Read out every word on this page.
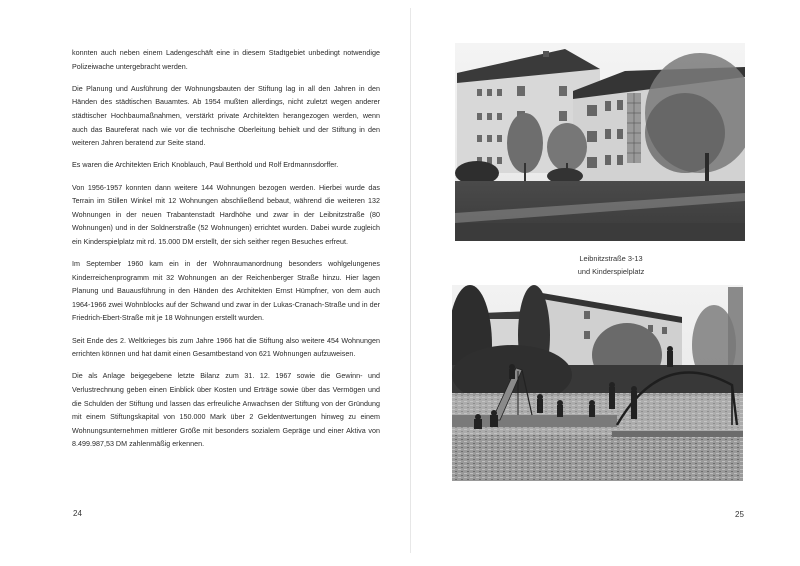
konnten auch neben einem Ladengeschäft eine in diesem Stadtgebiet unbedingt notwendige Polizeiwache untergebracht werden.

Die Planung und Ausführung der Wohnungsbauten der Stiftung lag in all den Jahren in den Händen des städtischen Bauamtes. Ab 1954 mußten allerdings, nicht zuletzt wegen anderer städtischer Hochbaumaßnahmen, verstärkt private Architekten herangezogen werden, wenn auch das Baureferat nach wie vor die technische Oberleitung behielt und der Stiftung in den weiteren Jahren beratend zur Seite stand.

Es waren die Architekten Erich Knoblauch, Paul Berthold und Rolf Erdmannsdorffer.

Von 1956-1957 konnten dann weitere 144 Wohnungen bezogen werden. Hierbei wurde das Terrain im Stillen Winkel mit 12 Wohnungen abschließend bebaut, während die weiteren 132 Wohnungen in der neuen Trabantenstadt Hardhöhe und zwar in der Leibnitzstraße (80 Wohnungen) und in der Soldnerstraße (52 Wohnungen) errichtet wurden. Dabei wurde zugleich ein Kinderspielplatz mit rd. 15.000 DM erstellt, der sich seither regen Besuches erfreut.

Im September 1960 kam ein in der Wohnraumanordnung besonders wohlgelungenes Kinderreichenprogramm mit 32 Wohnungen an der Reichenberger Straße hinzu. Hier lagen Planung und Bauausführung in den Händen des Architekten Ernst Hümpfner, von dem auch 1964-1966 zwei Wohnblocks auf der Schwand und zwar in der Lukas-Cranach-Straße und in der Friedrich-Ebert-Straße mit je 18 Wohnungen erstellt wurden.

Seit Ende des 2. Weltkrieges bis zum Jahre 1966 hat die Stiftung also weitere 454 Wohnungen errichten können und hat damit einen Gesamtbestand von 621 Wohnungen aufzuweisen.

Die als Anlage beigegebene letzte Bilanz zum 31. 12. 1967 sowie die Gewinn- und Verlustrechnung geben einen Einblick über Kosten und Erträge sowie über das Vermögen und die Schulden der Stiftung und lassen das erfreuliche Anwachsen der Stiftung von der Gründung mit einem Stiftungskapital von 150.000 Mark über 2 Geldentwertungen hinweg zu einem Wohnungsunternehmen mittlerer Größe mit besonders sozialem Gepräge und einer Aktiva von 8.499.987,53 DM zahlenmäßig erkennen.

24
Leibnitzstraße 3-13
und Kinderspielplatz
25
